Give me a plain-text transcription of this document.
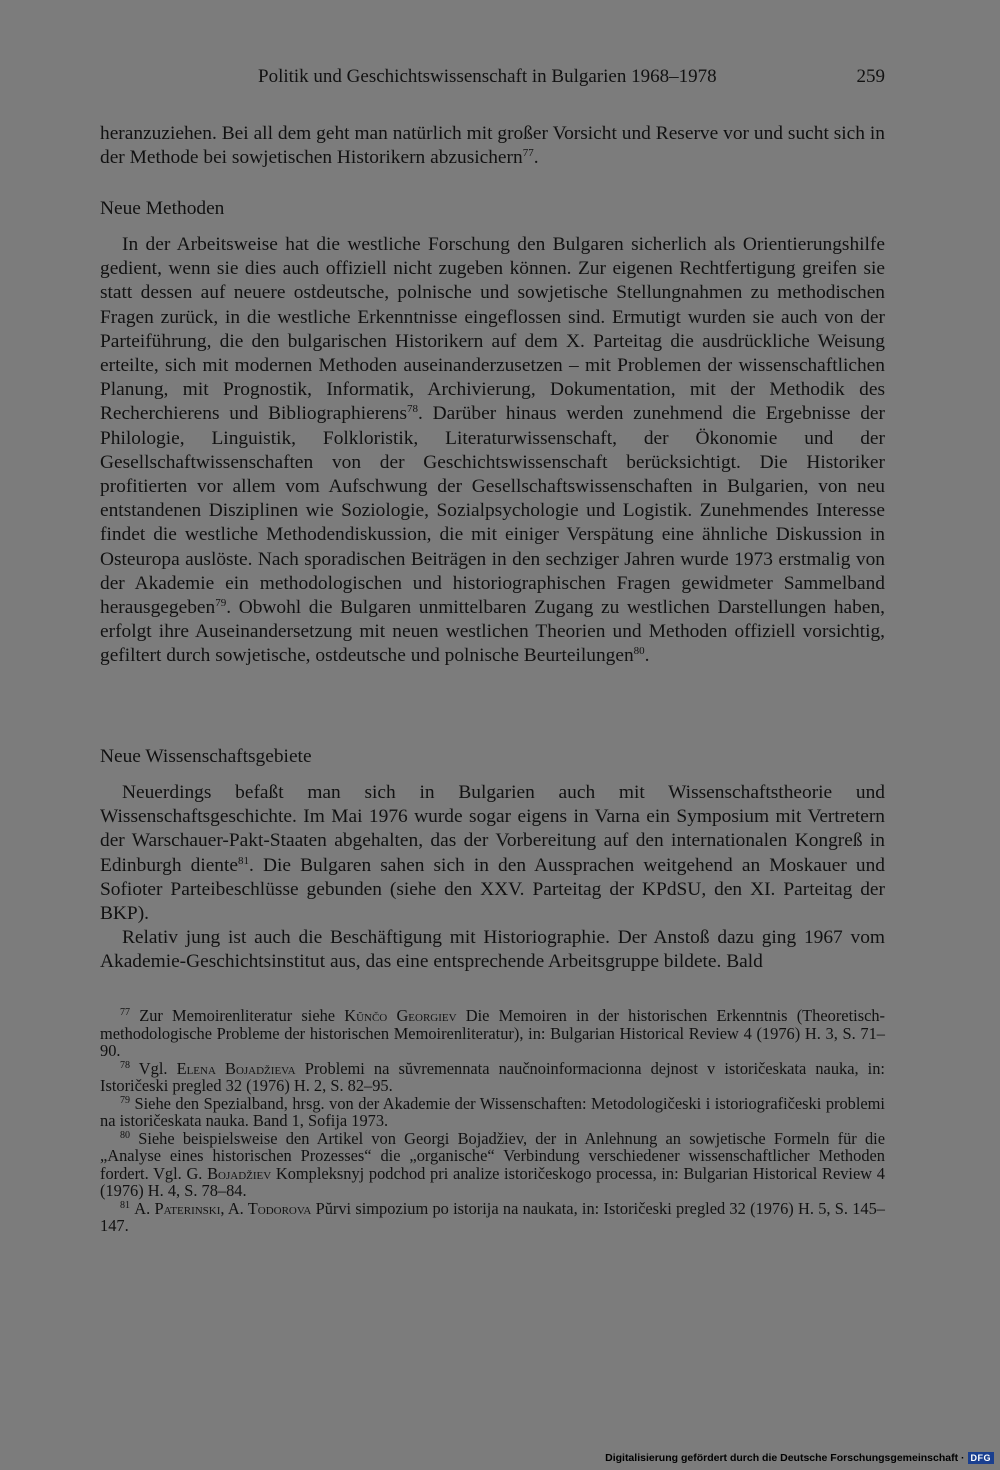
Politik und Geschichtswissenschaft in Bulgarien 1968–1978	259

heranzuziehen. Bei all dem geht man natürlich mit großer Vorsicht und Reserve vor und sucht sich in der Methode bei sowjetischen Historikern abzusichern$^{77}$.

Neue Methoden

In der Arbeitsweise hat die westliche Forschung den Bulgaren sicherlich als Orientierungshilfe gedient, wenn sie dies auch offiziell nicht zugeben können. Zur eigenen Rechtfertigung greifen sie statt dessen auf neuere ostdeutsche, polnische und sowjetische Stellungnahmen zu methodischen Fragen zurück, in die westliche Erkenntnisse eingeflossen sind. Ermutigt wurden sie auch von der Parteiführung, die den bulgarischen Historikern auf dem X. Parteitag die ausdrückliche Weisung erteilte, sich mit modernen Methoden auseinanderzusetzen – mit Problemen der wissenschaftlichen Planung, mit Prognostik, Informatik, Archivierung, Dokumentation, mit der Methodik des Recherchierens und Bibliographierens$^{78}$. Darüber hinaus werden zunehmend die Ergebnisse der Philologie, Linguistik, Folkloristik, Literaturwissenschaft, der Ökonomie und der Gesellschaftwissenschaften von der Geschichtswissenschaft berücksichtigt. Die Historiker profitierten vor allem vom Aufschwung der Gesellschaftswissenschaften in Bulgarien, von neu entstandenen Disziplinen wie Soziologie, Sozialpsychologie und Logistik. Zunehmendes Interesse findet die westliche Methodendiskussion, die mit einiger Verspätung eine ähnliche Diskussion in Osteuropa auslöste. Nach sporadischen Beiträgen in den sechziger Jahren wurde 1973 erstmalig von der Akademie ein methodologischen und historiographischen Fragen gewidmeter Sammelband herausgegeben$^{79}$. Obwohl die Bulgaren unmittelbaren Zugang zu westlichen Darstellungen haben, erfolgt ihre Auseinandersetzung mit neuen westlichen Theorien und Methoden offiziell vorsichtig, gefiltert durch sowjetische, ostdeutsche und polnische Beurteilungen$^{80}$.

Neue Wissenschaftsgebiete

Neuerdings befaßt man sich in Bulgarien auch mit Wissenschaftstheorie und Wissenschaftsgeschichte. Im Mai 1976 wurde sogar eigens in Varna ein Symposium mit Vertretern der Warschauer-Pakt-Staaten abgehalten, das der Vorbereitung auf den internationalen Kongreß in Edinburgh diente$^{81}$. Die Bulgaren sahen sich in den Aussprachen weitgehend an Moskauer und Sofioter Parteibeschlüsse gebunden (siehe den XXV. Parteitag der KPdSU, den XI. Parteitag der BKP).

Relativ jung ist auch die Beschäftigung mit Historiographie. Der Anstoß dazu ging 1967 vom Akademie-Geschichtsinstitut aus, das eine entsprechende Arbeitsgruppe bildete. Bald

$^{77}$ Zur Memoirenliteratur siehe Kŭnčo Georgiev Die Memoiren in der historischen Erkenntnis (Theoretisch-methodologische Probleme der historischen Memoirenliteratur), in: Bulgarian Historical Review 4 (1976) H. 3, S. 71–90.

$^{78}$ Vgl. Elena Bojadžieva Problemi na sŭvremennata naučnoinformacionna dejnost v istoričeskata nauka, in: Istoričeski pregled 32 (1976) H. 2, S. 82–95.

$^{79}$ Siehe den Spezialband, hrsg. von der Akademie der Wissenschaften: Metodologičeski i istoriografičeski problemi na istoričeskata nauka. Band 1, Sofija 1973.

$^{80}$ Siehe beispielsweise den Artikel von Georgi Bojadžiev, der in Anlehnung an sowjetische Formeln für die „Analyse eines historischen Prozesses“ die „organische“ Verbindung verschiedener wissenschaftlicher Methoden fordert. Vgl. G. Bojadžiev Kompleksnyj podchod pri analize istoričeskogo processa, in: Bulgarian Historical Review 4 (1976) H. 4, S. 78–84.

$^{81}$ A. Paterinski, A. Todorova Pŭrvi simpozium po istorija na naukata, in: Istoričeski pregled 32 (1976) H. 5, S. 145–147.

Digitalisierung gefördert durch die Deutsche Forschungsgemeinschaft · DFG
